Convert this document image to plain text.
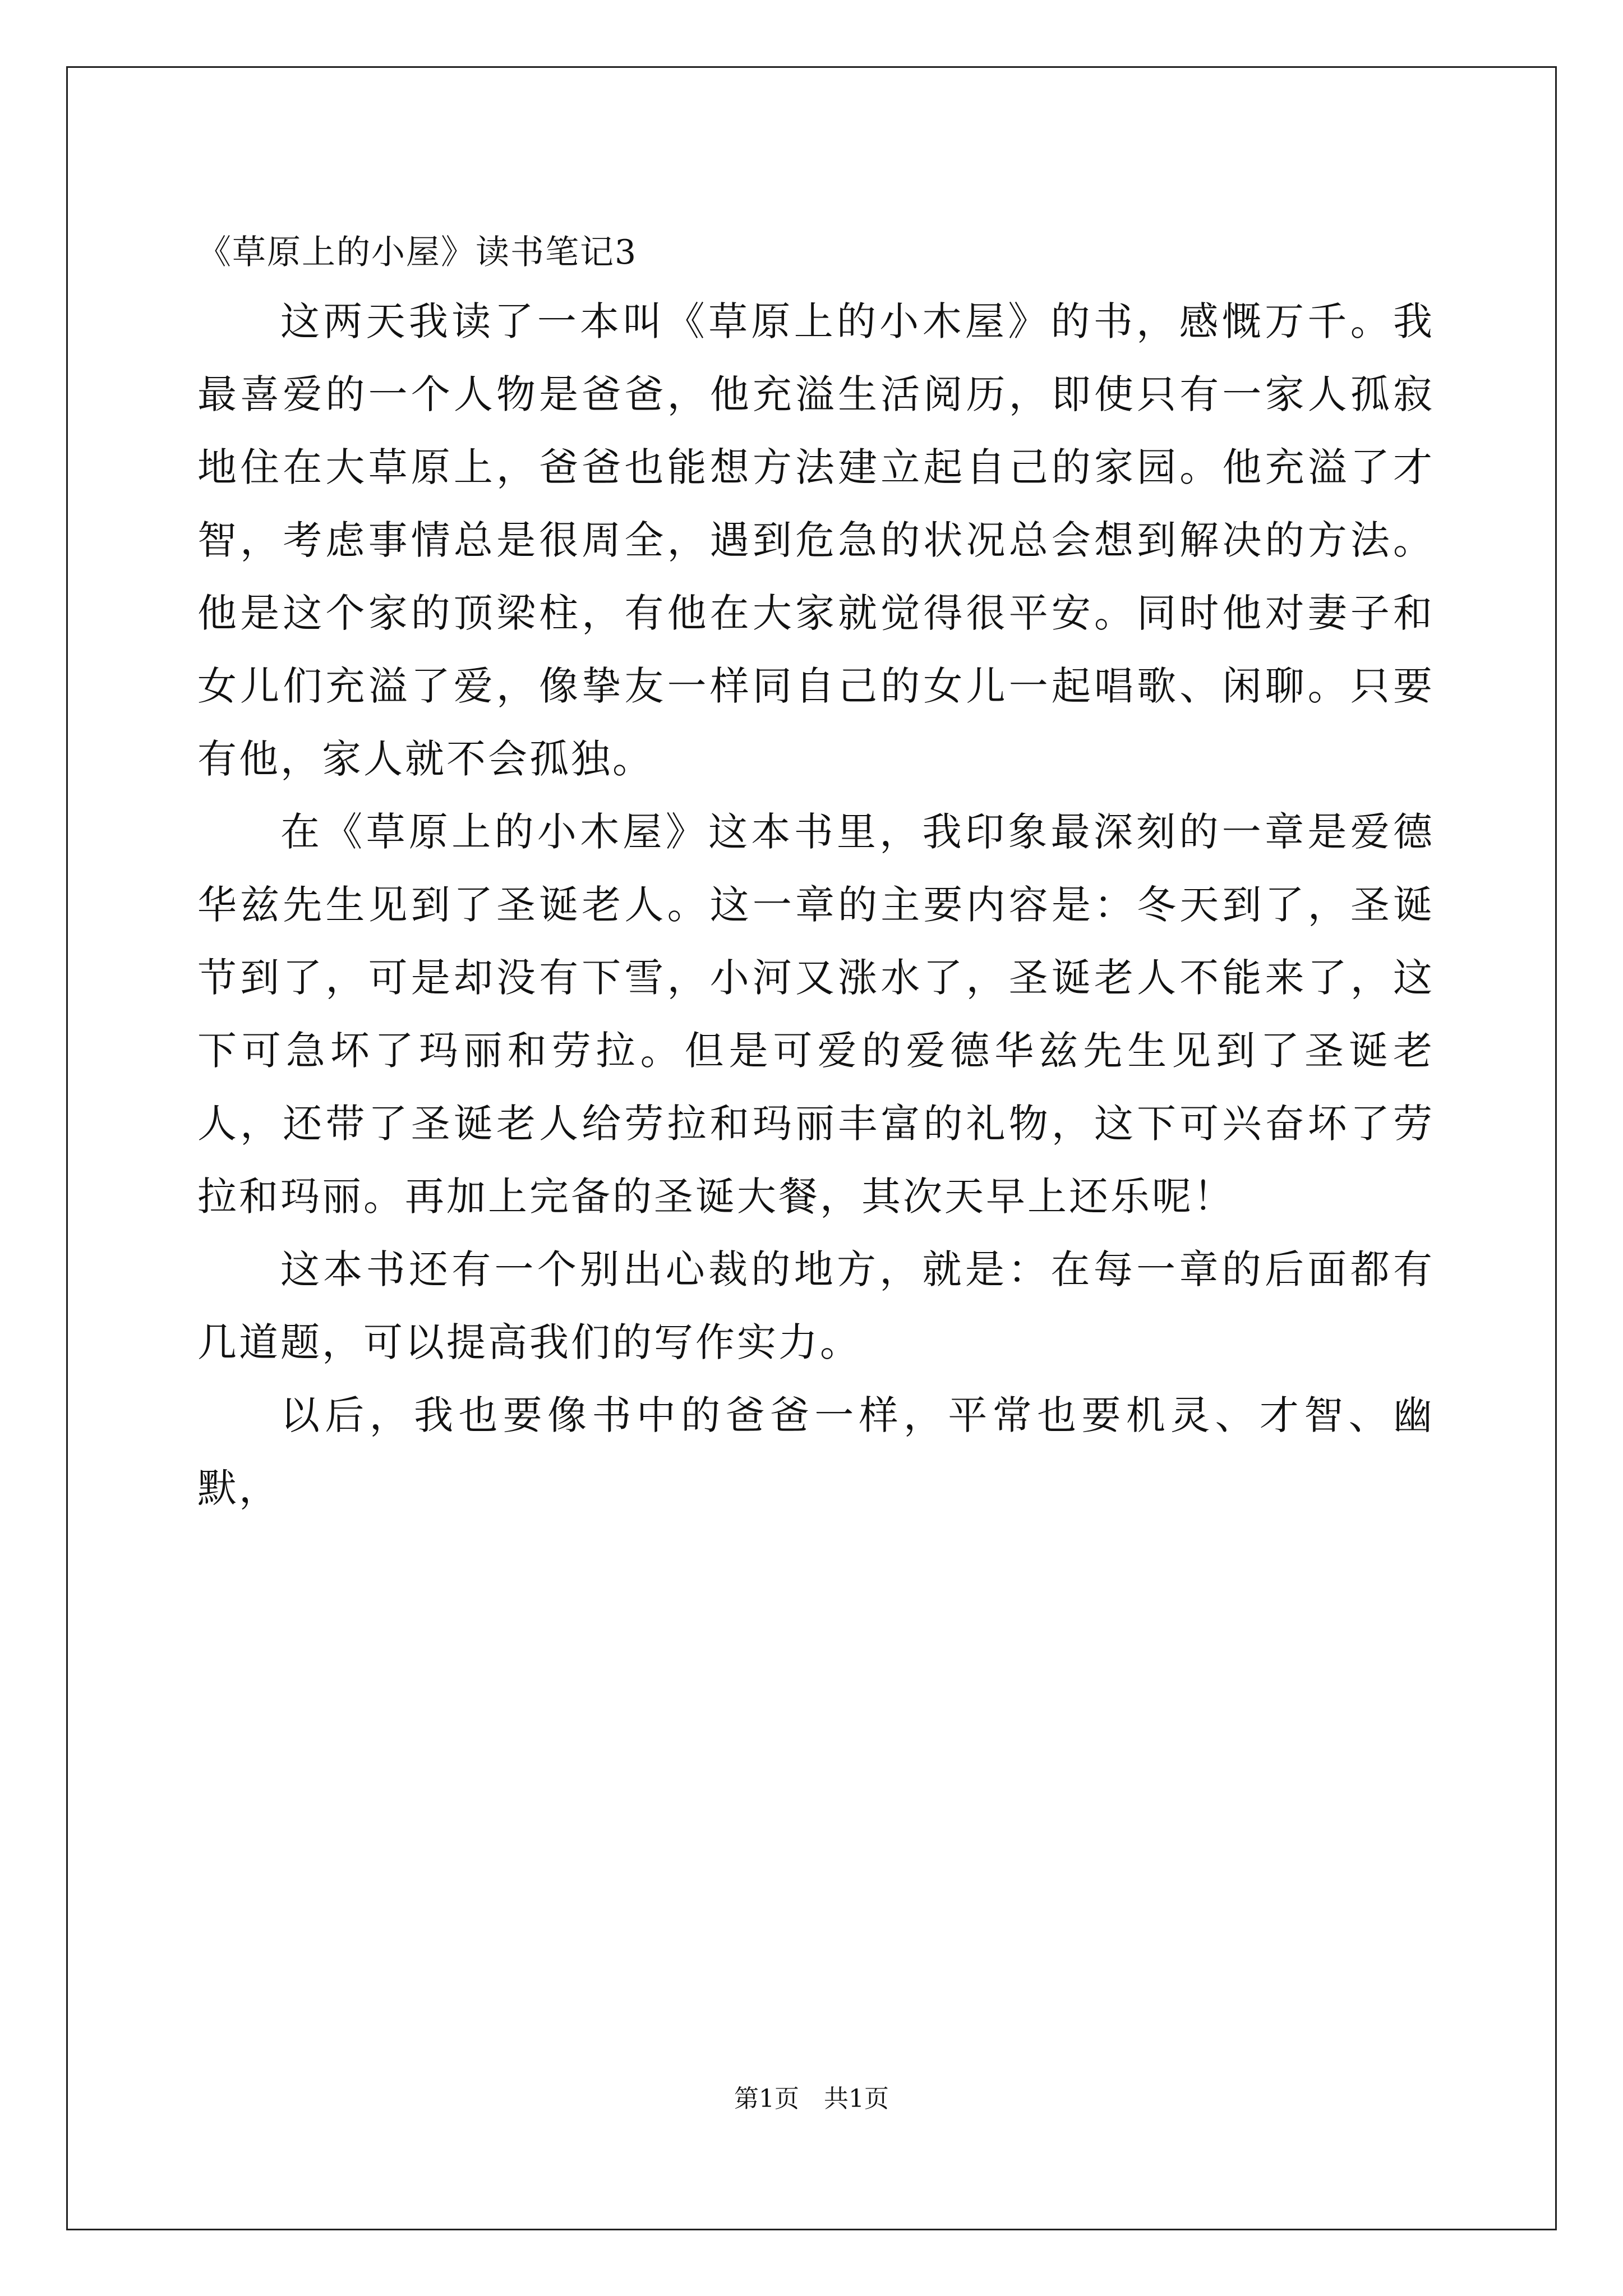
《草原上的小屋》读书笔记3

这两天我读了一本叫《草原上的小木屋》的书，感慨万千。我最喜爱的一个人物是爸爸，他充溢生活阅历，即使只有一家人孤寂地住在大草原上，爸爸也能想方法建立起自己的家园。他充溢了才智，考虑事情总是很周全，遇到危急的状况总会想到解决的方法。他是这个家的顶梁柱，有他在大家就觉得很平安。同时他对妻子和女儿们充溢了爱，像挚友一样同自己的女儿一起唱歌、闲聊。只要有他，家人就不会孤独。

在《草原上的小木屋》这本书里，我印象最深刻的一章是爱德华兹先生见到了圣诞老人。这一章的主要内容是：冬天到了，圣诞节到了，可是却没有下雪，小河又涨水了，圣诞老人不能来了，这下可急坏了玛丽和劳拉。但是可爱的爱德华兹先生见到了圣诞老人，还带了圣诞老人给劳拉和玛丽丰富的礼物，这下可兴奋坏了劳拉和玛丽。再加上完备的圣诞大餐，其次天早上还乐呢！

这本书还有一个别出心裁的地方，就是：在每一章的后面都有几道题，可以提高我们的写作实力。

以后，我也要像书中的爸爸一样，平常也要机灵、才智、幽默，

第1页　共1页
